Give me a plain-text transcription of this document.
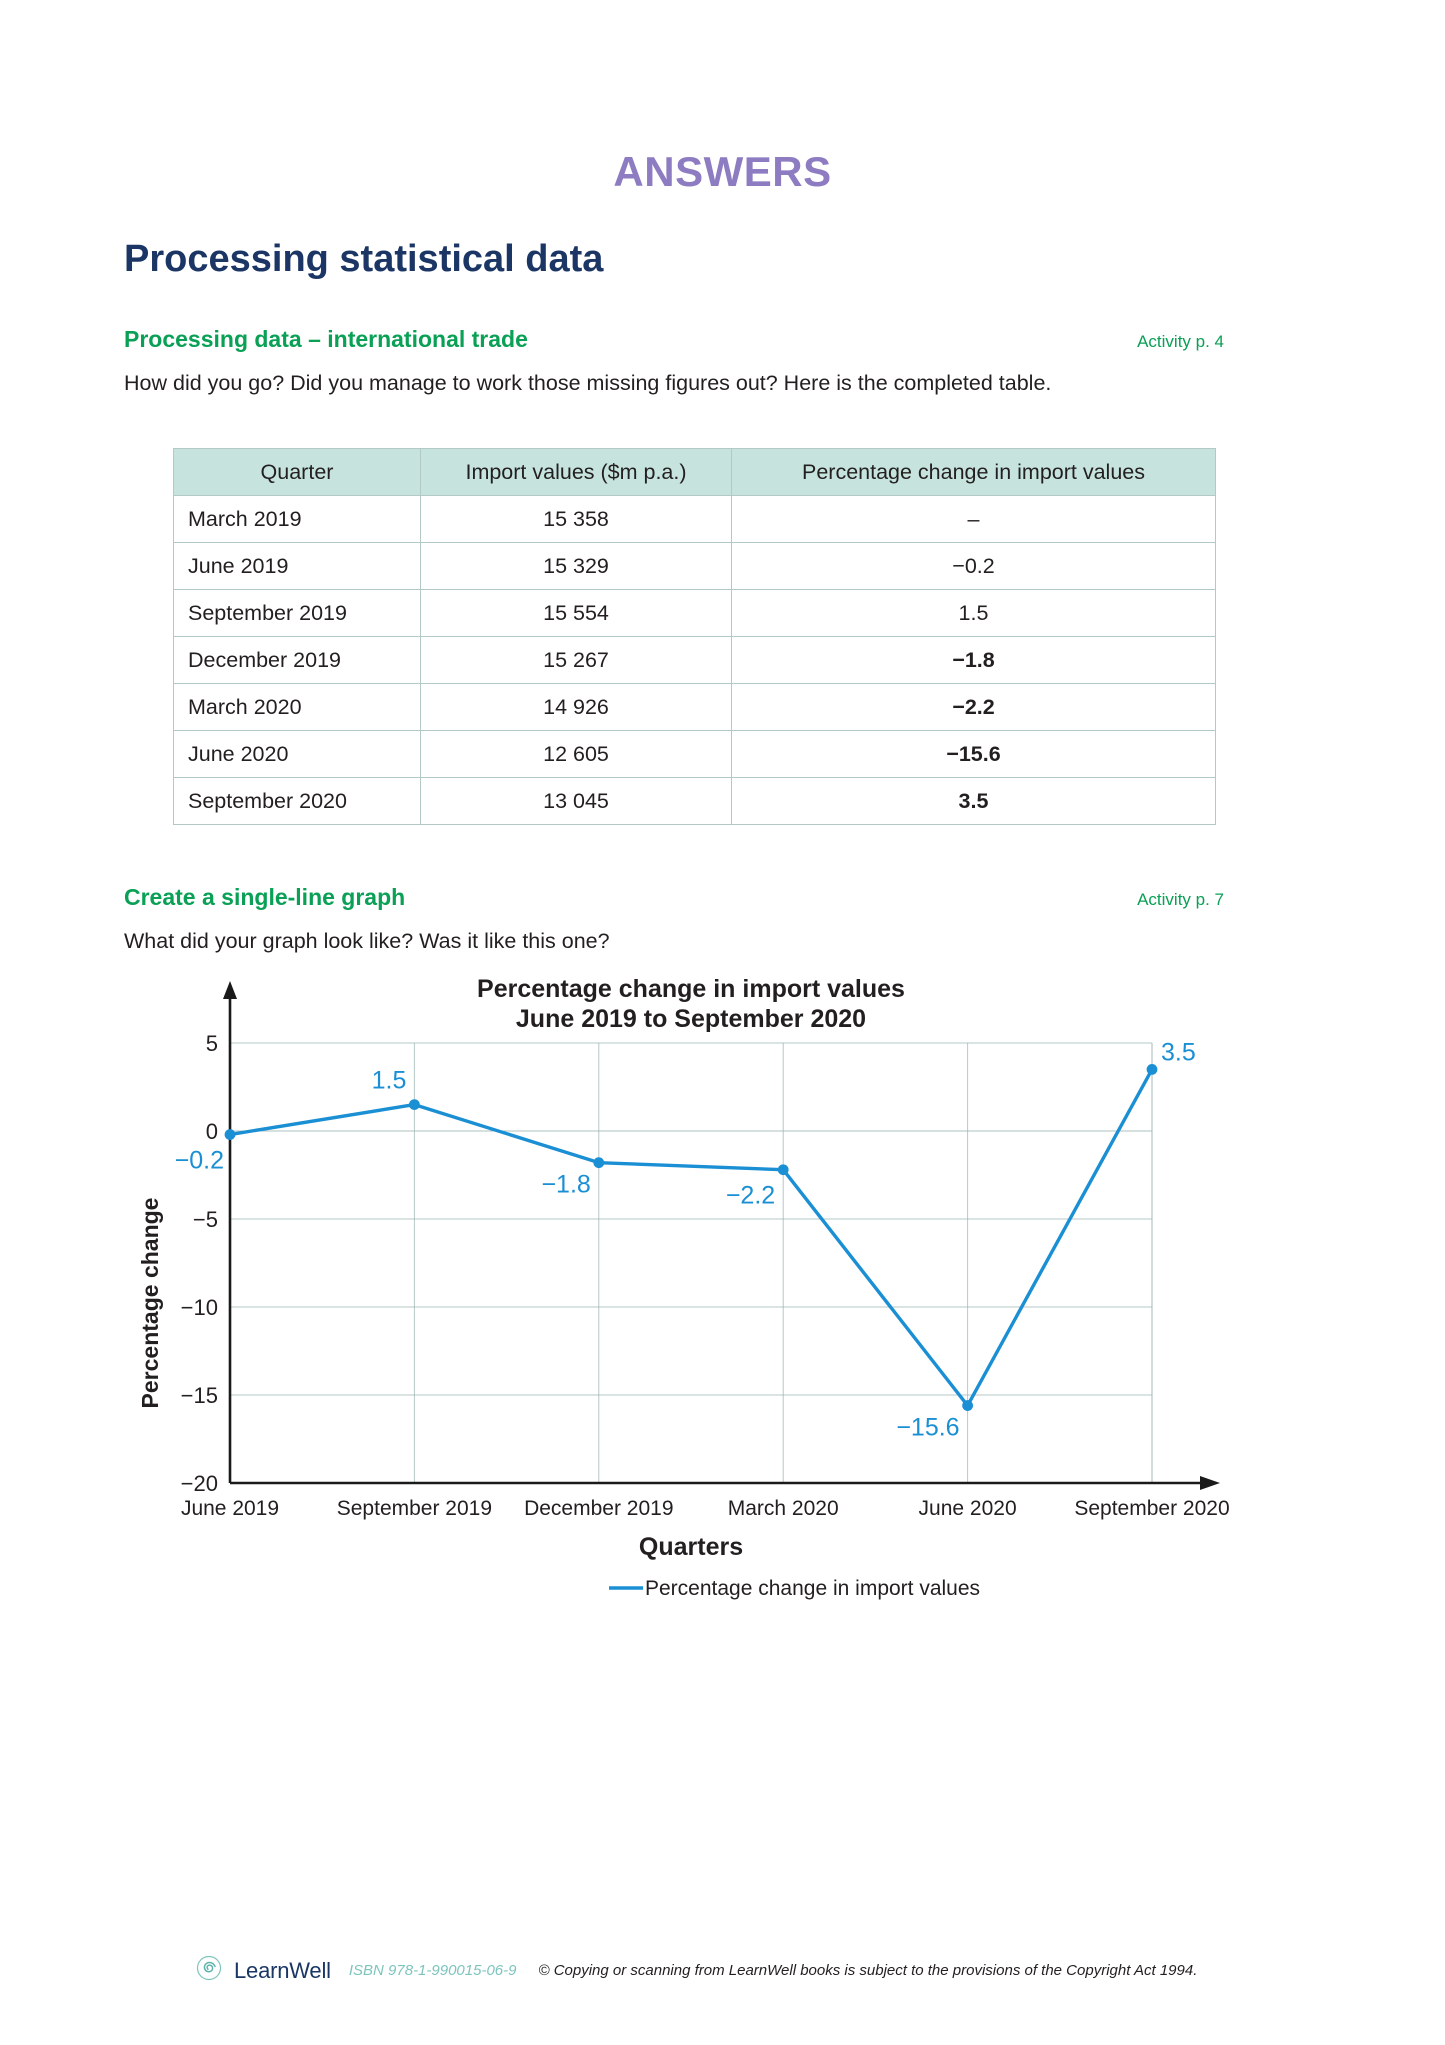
ANSWERS
Processing statistical data
Processing data – international trade	Activity p. 4
How did you go? Did you manage to work those missing figures out? Here is the completed table.
Quarter	Import values ($m p.a.)	Percentage change in import values
March 2019	15 358	–
June 2019	15 329	−0.2
September 2019	15 554	1.5
December 2019	15 267	−1.8
March 2020	14 926	−2.2
June 2020	12 605	−15.6
September 2020	13 045	3.5
Create a single-line graph	Activity p. 7
What did your graph look like? Was it like this one?
Percentage change in import values
June 2019 to September 2020
5
0
−5
−10
−15
−20
−0.2
1.5
−1.8	−2.2
−15.6
3.5
June 2019	September 2019 December 2019	March 2020	June 2020	September 2020
Quarters
Percentage change
Percentage change in import values
LearnWell ISBN 978-1-990015-06-9 © Copying or scanning from LearnWell books is subject to the provisions of the Copyright Act 1994.
